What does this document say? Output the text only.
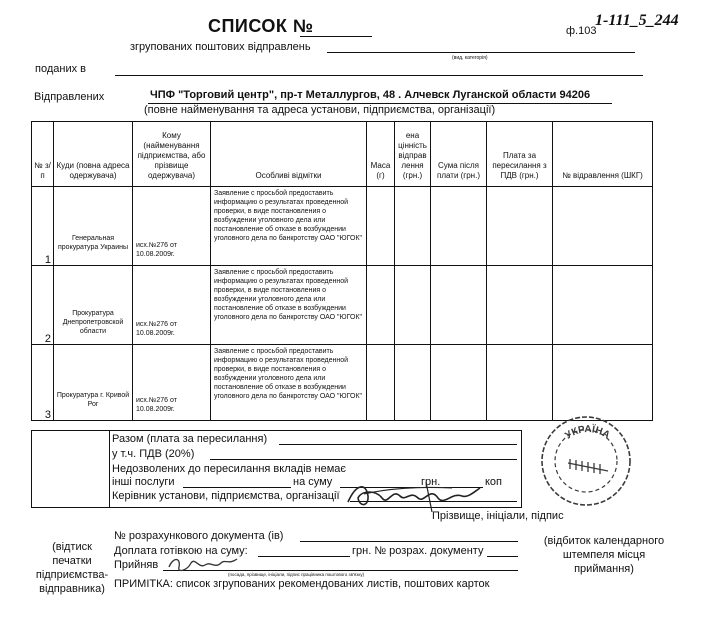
СПИСОК №	ф.103
1-111_5_244
згрупованих поштових відправлень
(вид, категорія)
поданих в
Відправлених	ЧПФ "Торговий центр", пр-т Металлургов, 48 . Алчевск Луганской области 94206
(повне найменування та адреса установи, підприємства, організації)
№ з/п	Куди (повна адреса одержувача)	Кому (найменування підприємства, або прізвище одержувача)	Особливі відмітки	Маса (г)	ена цінність відправ лення (грн.)	Сума після плати (грн.)	Плата за пересилання з ПДВ (грн.)	№ відравлення (ШКГ)
1	Генеральная прокуратура Украины	исх.№276 от 10.08.2009г.	Заявление с просьбой предоставить информацию о результатах проведенной проверки, в виде постановления о возбуждении уголовного дела или постановление об отказе в возбуждении уголовного дела по банкротству ОАО "ЮГОК"					
2	Прокуратура Днепропетровской области	исх.№276 от 10.08.2009г.	Заявление с просьбой предоставить информацию о результатах проведенной проверки, в виде постановления о возбуждении уголовного дела или постановление об отказе в возбуждении уголовного дела по банкротству ОАО "ЮГОК"					
3	Прокуратура г. Кривой Рог	исх.№276 от 10.08.2009г.	Заявление с просьбой предоставить информацию о результатах проведенной проверки, в виде постановления о возбуждении уголовного дела или постановление об отказе в возбуждении уголовного дела по банкротству ОАО "ЮГОК"					
Разом (плата за пересилання)
у т.ч. ПДВ (20%)
Недозволених до пересилання вкладів немає
інші послуги	на суму	грн.	коп
Керівник установи, підприємства, організації
Прізвище, ініціали, підпис
УКРАЇНА
(відтиск печатки підприємства-відправника)
№ розрахункового документа (ів)
Доплата готівкою на суму:	грн. № розрах. документу
Прийняв
(посада, прізвище, ініціали, підпис працівника поштового зв'язку)
ПРИМІТКА: список згрупованих рекомендованих листів, поштових карток
(відбиток календарного штемпеля місця приймання)
